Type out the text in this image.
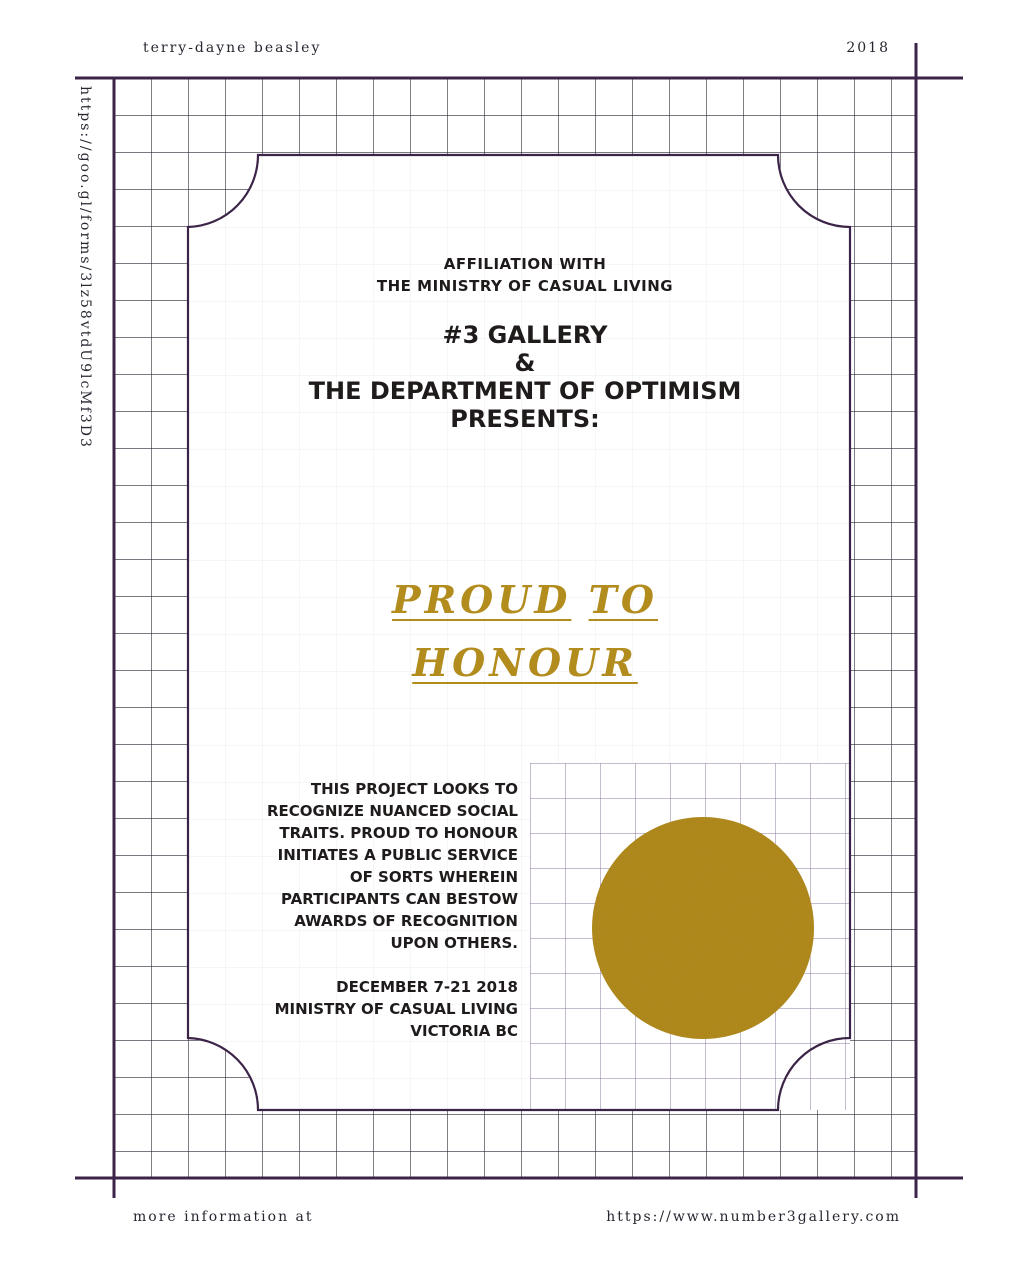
terry-dayne beasley	2018
https://goo.gl/forms/3lz58vtdU9lcMf3D3	AFFILIATION WITH
THE MINISTRY OF CASUAL LIVING
#3 GALLERY
&
THE DEPARTMENT OF OPTIMISM
PRESENTS:
PROUD TO
HONOUR
THIS PROJECT LOOKS TO
RECOGNIZE NUANCED SOCIAL
TRAITS. PROUD TO HONOUR
INITIATES A PUBLIC SERVICE
OF SORTS WHEREIN
PARTICIPANTS CAN BESTOW
AWARDS OF RECOGNITION
UPON OTHERS.
DECEMBER 7-21 2018
MINISTRY OF CASUAL LIVING
VICTORIA BC
more information at	https://www.number3gallery.com
